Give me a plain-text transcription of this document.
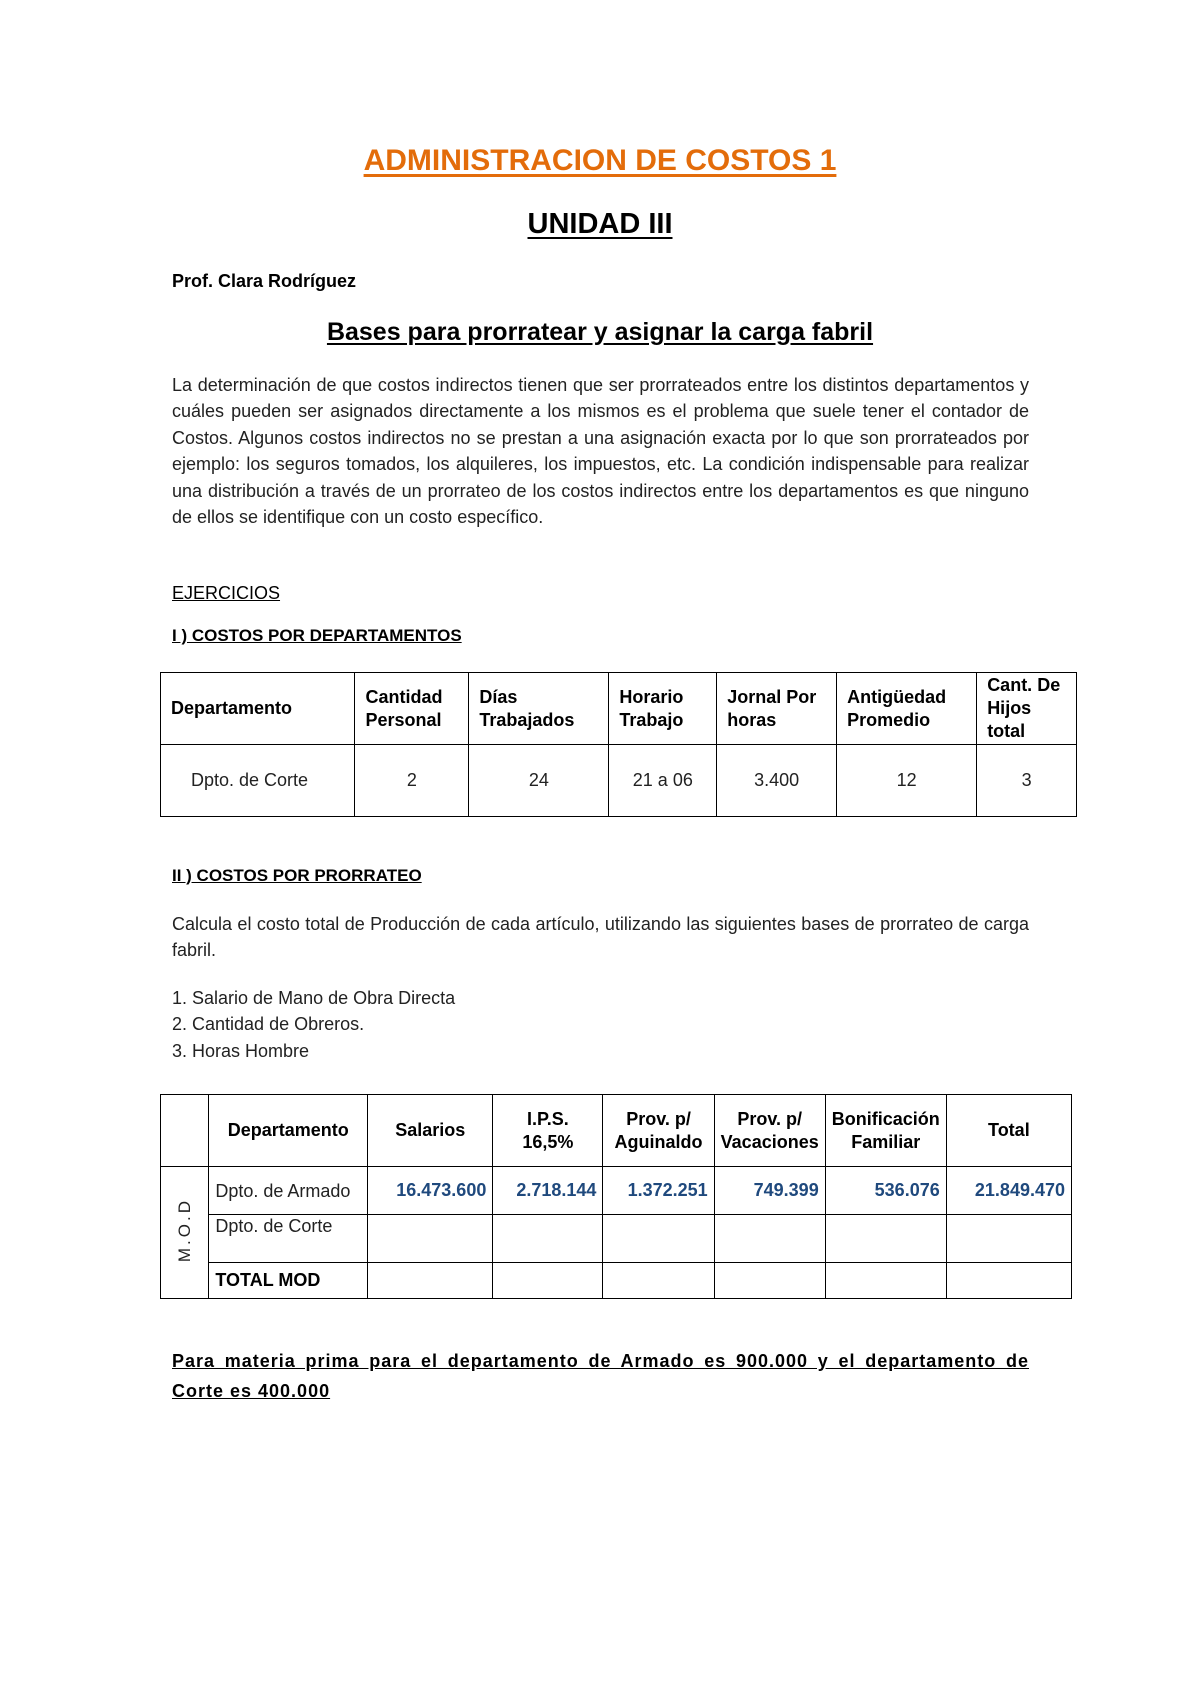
ADMINISTRACION DE COSTOS 1
UNIDAD III

Prof. Clara Rodríguez

Bases para prorratear y asignar la carga fabril

La determinación de que costos indirectos tienen que ser prorrateados entre los distintos departamentos y cuáles pueden ser asignados directamente a los mismos es el problema que suele tener el contador de Costos. Algunos costos indirectos no se prestan a una asignación exacta por lo que son prorrateados por ejemplo: los seguros tomados, los alquileres, los impuestos, etc. La condición indispensable para realizar una distribución a través de un prorrateo de los costos indirectos entre los departamentos es que ninguno de ellos se identifique con un costo específico.

EJERCICIOS

I ) COSTOS POR DEPARTAMENTOS

Departamento	Cantidad Personal	Días Trabajados	Horario Trabajo	Jornal Por horas	Antigüedad Promedio	Cant. De Hijos total
Dpto. de Corte	2	24	21 a 06	3.400	12	3

II ) COSTOS POR PRORRATEO

Calcula el costo total de Producción de cada artículo, utilizando las siguientes bases de prorrateo de carga fabril.

1. Salario de Mano de Obra Directa
2. Cantidad de Obreros.
3. Horas Hombre
	Departamento	Salarios	I.P.S. 16,5%	Prov. p/ Aguinaldo	Prov. p/ Vacaciones	Bonificación Familiar	Total
M.O.D	Dpto. de Armado	16.473.600	2.718.144	1.372.251	749.399	536.076	21.849.470
	Dpto. de Corte						
	TOTAL MOD						

Para materia prima para el departamento de Armado es 900.000 y el departamento de Corte es 400.000
